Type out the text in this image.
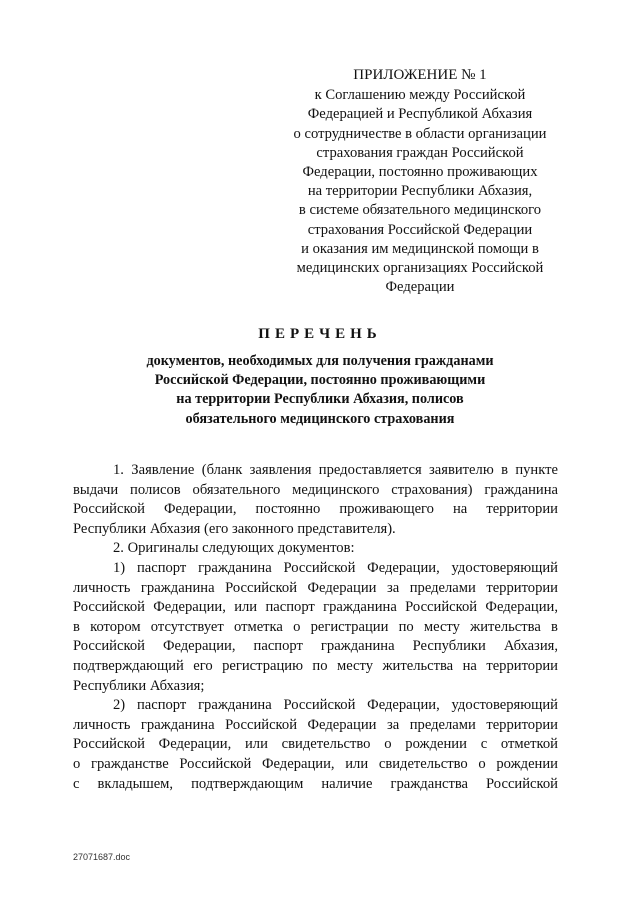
ПРИЛОЖЕНИЕ № 1
к Соглашению между Российской
Федерацией и Республикой Абхазия
о сотрудничестве в области организации
страхования граждан Российской
Федерации, постоянно проживающих
на территории Республики Абхазия,
в системе обязательного медицинского
страхования Российской Федерации
и оказания им медицинской помощи в
медицинских организациях Российской
Федерации
ПЕРЕЧЕНЬ
документов, необходимых для получения гражданами
Российской Федерации, постоянно проживающими
на территории Республики Абхазия, полисов
обязательного медицинского страхования
1. Заявление (бланк заявления предоставляется заявителю в пункте
выдачи полисов обязательного медицинского страхования) гражданина
Российской Федерации, постоянно проживающего на территории
Республики Абхазия (его законного представителя).
2. Оригиналы следующих документов:
1) паспорт гражданина Российской Федерации, удостоверяющий
личность гражданина Российской Федерации за пределами территории
Российской Федерации, или паспорт гражданина Российской Федерации,
в котором отсутствует отметка о регистрации по месту жительства в
Российской Федерации, паспорт гражданина Республики Абхазия,
подтверждающий его регистрацию по месту жительства на территории
Республики Абхазия;
2) паспорт гражданина Российской Федерации, удостоверяющий
личность гражданина Российской Федерации за пределами территории
Российской Федерации, или свидетельство о рождении с отметкой
о гражданстве Российской Федерации, или свидетельство о рождении
с вкладышем, подтверждающим наличие гражданства Российской
27071687.doc
